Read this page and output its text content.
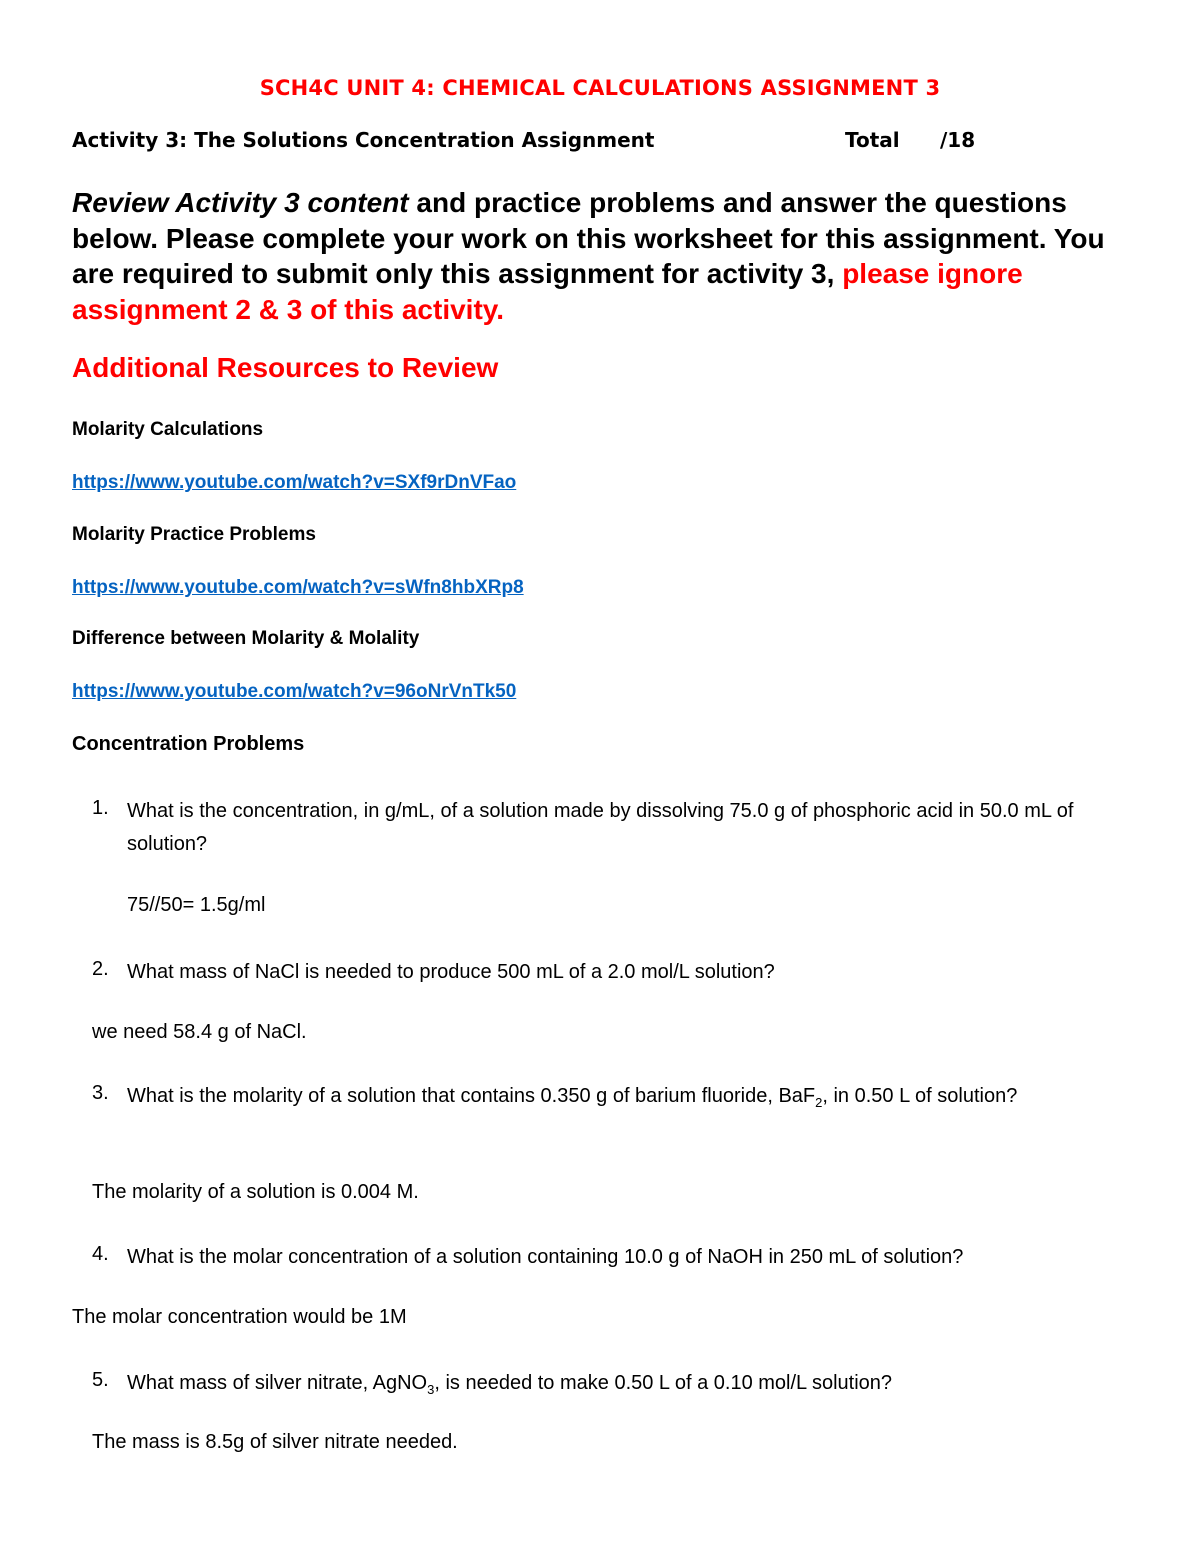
SCH4C UNIT 4: CHEMICAL CALCULATIONS ASSIGNMENT 3
Activity 3: The Solutions Concentration Assignment	Total /18
Review Activity 3 content and practice problems and answer the questions below. Please complete your work on this worksheet for this assignment. You are required to submit only this assignment for activity 3, please ignore assignment 2 & 3 of this activity.
Additional Resources to Review
Molarity Calculations
https://www.youtube.com/watch?v=SXf9rDnVFao
Molarity Practice Problems
https://www.youtube.com/watch?v=sWfn8hbXRp8
Difference between Molarity & Molality
https://www.youtube.com/watch?v=96oNrVnTk50
Concentration Problems
1. What is the concentration, in g/mL, of a solution made by dissolving 75.0 g of phosphoric acid in 50.0 mL of solution?
75//50= 1.5g/ml
2. What mass of NaCl is needed to produce 500 mL of a 2.0 mol/L solution?
we need 58.4 g of NaCl.
3. What is the molarity of a solution that contains 0.350 g of barium fluoride, BaF$_2$, in 0.50 L of solution?
The molarity of a solution is 0.004 M.
4. What is the molar concentration of a solution containing 10.0 g of NaOH in 250 mL of solution?
The molar concentration would be 1M
5. What mass of silver nitrate, AgNO$_3$, is needed to make 0.50 L of a 0.10 mol/L solution?
The mass is 8.5g of silver nitrate needed.
